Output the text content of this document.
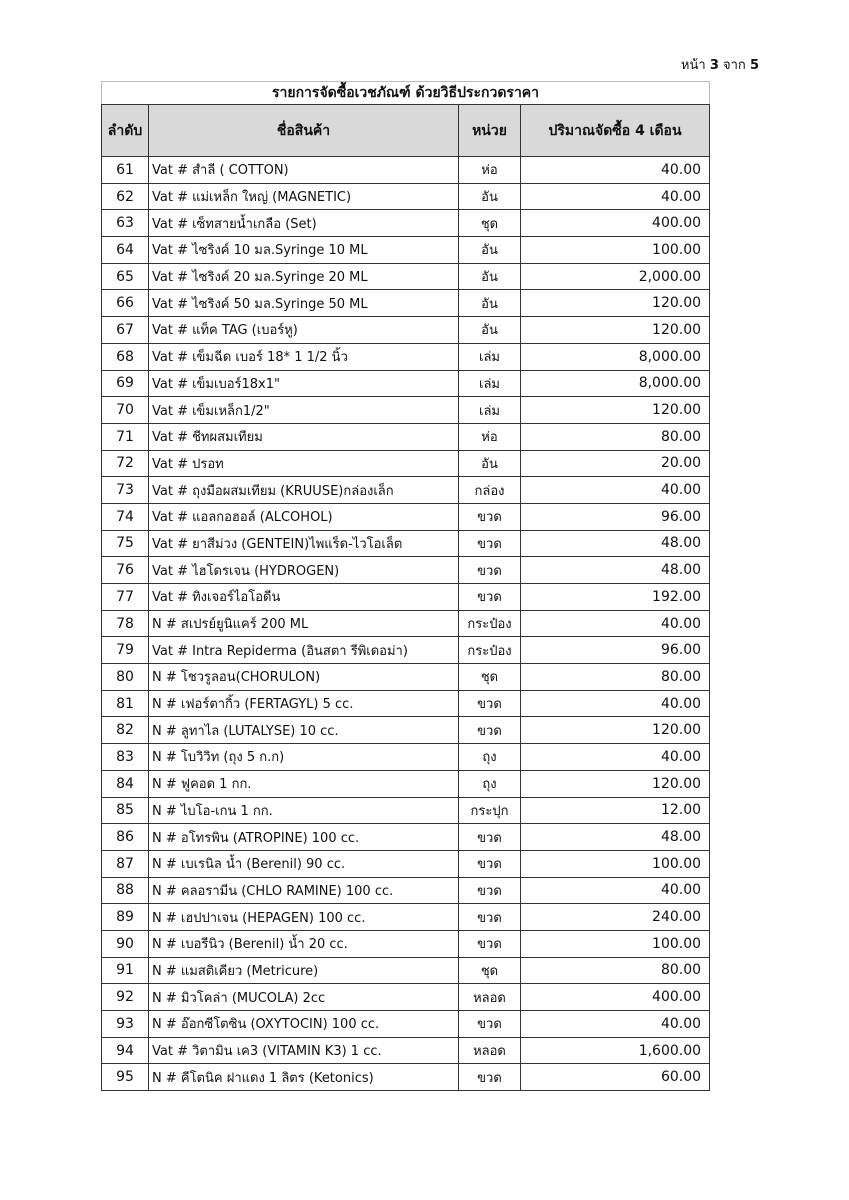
หน้า 3 จาก 5
รายการจัดซื้อเวชภัณฑ์ ด้วยวิธีประกวดราคา			
ลำดับ	ชื่อสินค้า	หน่วย	ปริมาณจัดซื้อ 4 เดือน
61	Vat # สำลี ( COTTON)	ห่อ	40.00
62	Vat # แม่เหล็ก ใหญ่ (MAGNETIC)	อัน	40.00
63	Vat # เซ็ทสายน้ำเกลือ (Set)	ชุด	400.00
64	Vat # ไซริงค์ 10 มล.Syringe 10 ML	อัน	100.00
65	Vat # ไซริงค์ 20 มล.Syringe 20 ML	อัน	2,000.00
66	Vat # ไซริงค์ 50 มล.Syringe 50 ML	อัน	120.00
67	Vat # แท็ค TAG (เบอร์หู)	อัน	120.00
68	Vat # เข็มฉีด เบอร์ 18* 1 1/2 นิ้ว	เล่ม	8,000.00
69	Vat # เข็มเบอร์18x1"	เล่ม	8,000.00
70	Vat # เข็มเหล็ก1/2"	เล่ม	120.00
71	Vat # ชีทผสมเทียม	ห่อ	80.00
72	Vat # ปรอท	อัน	20.00
73	Vat # ถุงมือผสมเทียม (KRUUSE)กล่องเล็ก	กล่อง	40.00
74	Vat # แอลกอฮอล์ (ALCOHOL)	ขวด	96.00
75	Vat # ยาสีม่วง (GENTEIN)ไพแร็ด-ไวโอเล็ต	ขวด	48.00
76	Vat # ไฮโดรเจน (HYDROGEN)	ขวด	48.00
77	Vat # ทิงเจอร์ไอโอดีน	ขวด	192.00
78	N # สเปรย์ยูนิแคร์ 200 ML	กระป๋อง	40.00
79	Vat # Intra Repiderma (อินสตา รีพิเดอม่า)	กระป๋อง	96.00
80	N # โชวรูลอน(CHORULON)	ชุด	80.00
81	N # เฟอร์ตากิ้ว (FERTAGYL) 5 cc.	ขวด	40.00
82	N # ลูทาไล (LUTALYSE) 10 cc.	ขวด	120.00
83	N # โบวิวิท (ถุง 5 ก.ก)	ถุง	40.00
84	N # ฟูคอด 1 กก.	ถุง	120.00
85	N # ไบโอ-เกน 1 กก.	กระปุก	12.00
86	N # อโทรพิน (ATROPINE) 100 cc.	ขวด	48.00
87	N # เบเรนิล น้ำ (Berenil) 90 cc.	ขวด	100.00
88	N # คลอรามีน (CHLO RAMINE) 100 cc.	ขวด	40.00
89	N # เฮปปาเจน (HEPAGEN) 100 cc.	ขวด	240.00
90	N # เบอรีนิว (Berenil) น้ำ 20 cc.	ขวด	100.00
91	N # แมสติเคียว (Metricure)	ชุด	80.00
92	N # มิวโคล่า (MUCOLA) 2cc	หลอด	400.00
93	N # อ๊อกซีโตซิน (OXYTOCIN) 100 cc.	ขวด	40.00
94	Vat # วิตามิน เค3 (VITAMIN K3) 1 cc.	หลอด	1,600.00
95	N # คีโตนิค ฝาแดง 1 ลิตร (Ketonics)	ขวด	60.00
